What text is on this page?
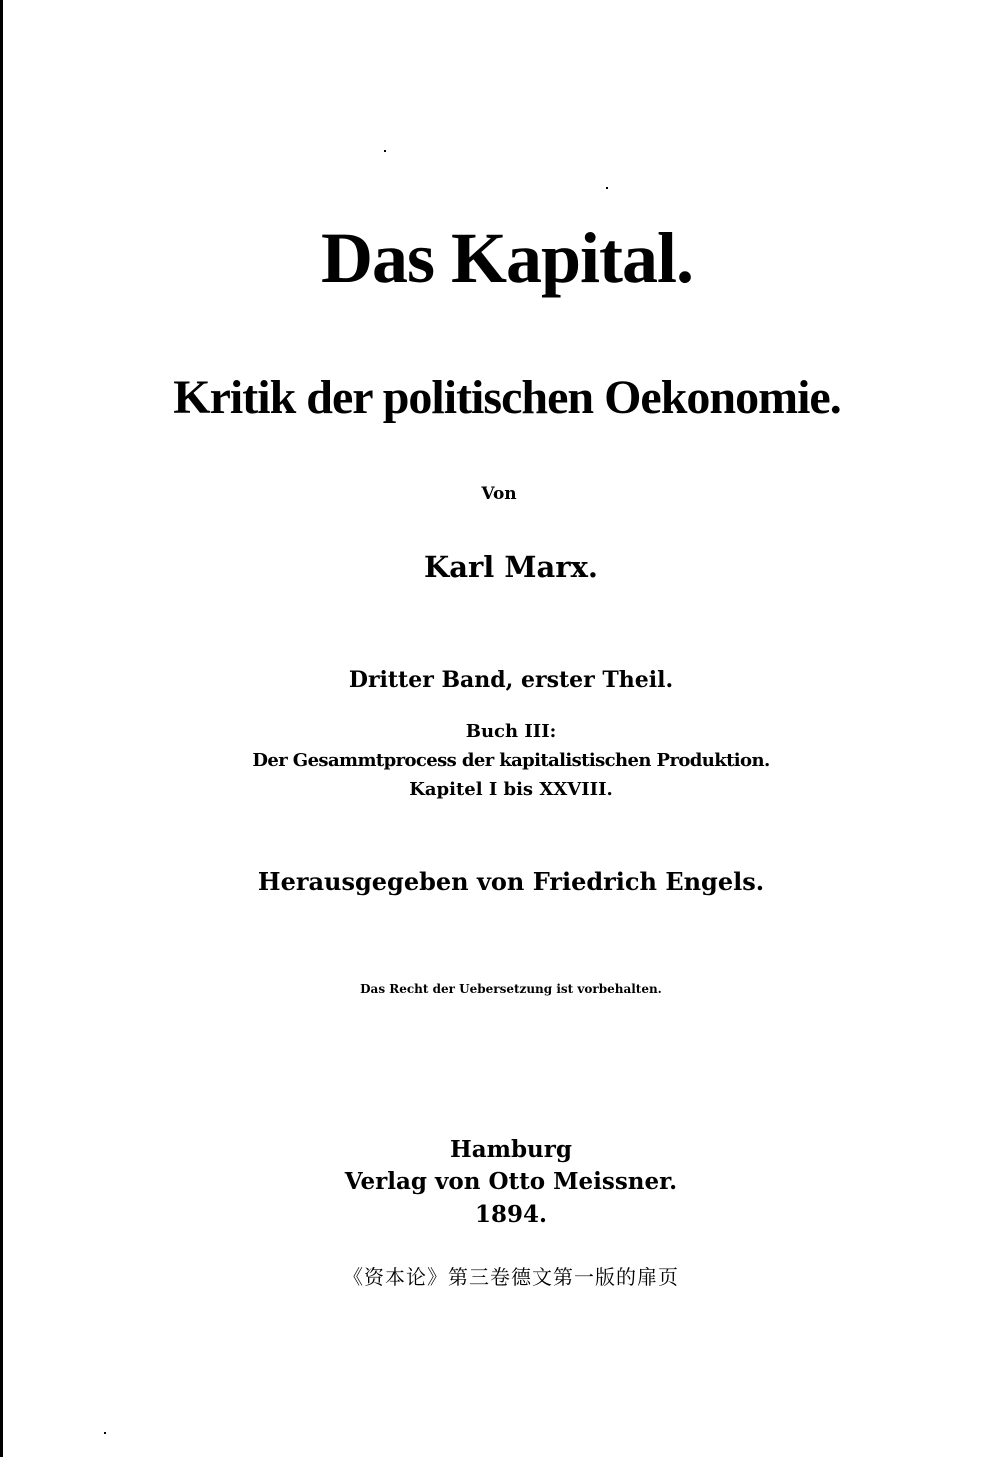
Das Kapital.
Kritik der politischen Oekonomie.
Von
Karl Marx.
Dritter Band, erster Theil.
Buch III:
Der Gesammtprocess der kapitalistischen Produktion.
Kapitel I bis XXVIII.
Herausgegeben von Friedrich Engels.
Das Recht der Uebersetzung ist vorbehalten.
Hamburg
Verlag von Otto Meissner.
1894.
《资本论》第三卷德文第一版的扉页
